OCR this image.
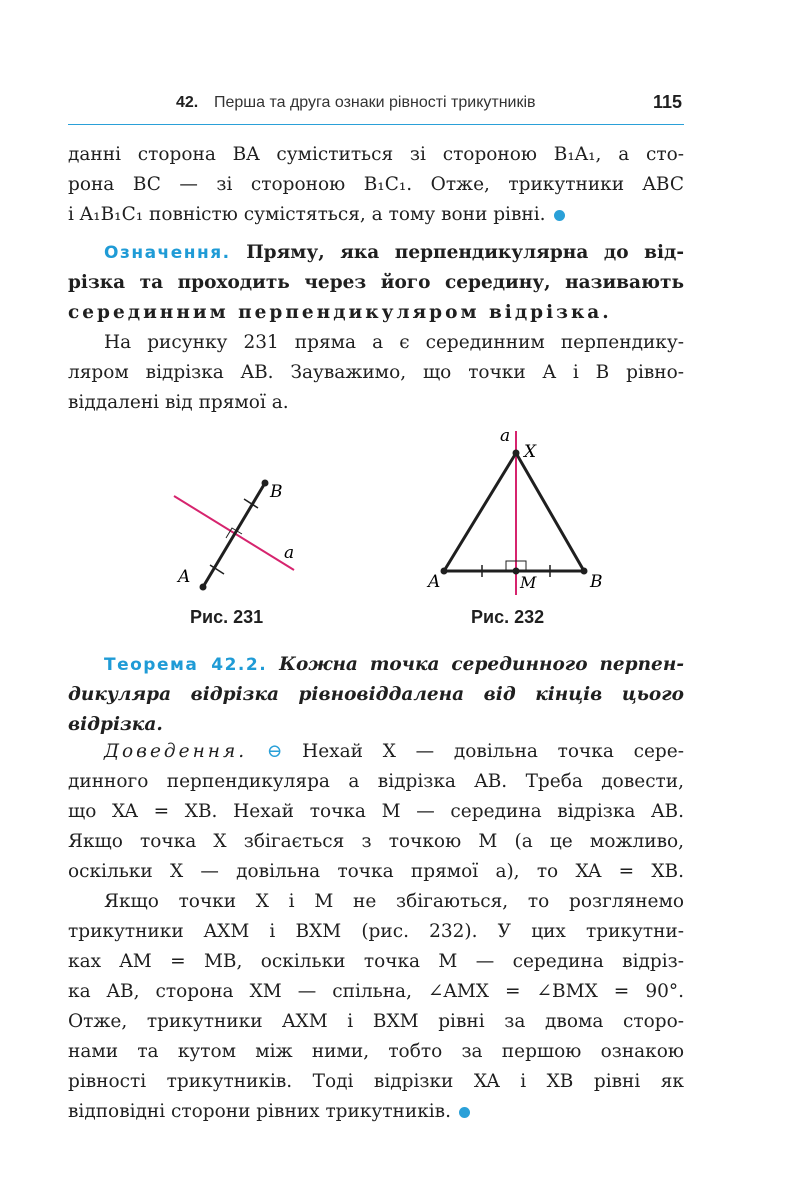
42. Перша та друга ознаки рівності трикутників	115
данні сторона BA суміститься зі стороною B₁A₁, а сто-
рона BC — зі стороною B₁C₁. Отже, трикутники ABC
і A₁B₁C₁ повністю сумістяться, а тому вони рівні.
Означення. Пряму, яка перпендикулярна до від-
різка та проходить через його середину, називають
серединним перпендикуляром відрізка.
На рисунку 231 пряма a є серединним перпендику-
ляром відрізка AB. Зауважимо, що точки A і B рівно-
віддалені від прямої a.
A
B
a
Рис. 231
A	B
X
M
a
Рис. 232
Теорема 42.2. Кожна точка серединного перпен-
дикуляра відрізка рівновіддалена від кінців цього
відрізка.
Доведення. ⊖ Нехай X — довільна точка сере-
динного перпендикуляра a відрізка AB. Треба довести,
що XA = XB. Нехай точка M — середина відрізка AB.
Якщо точка X збігається з точкою M (а це можливо,
оскільки X — довільна точка прямої a), то XA = XB.
Якщо точки X і M не збігаються, то розглянемо
трикутники AXM і BXM (рис. 232). У цих трикутни-
ках AM = MB, оскільки точка M — середина відріз-
ка AB, сторона XM — спільна, ∠AMX = ∠BMX = 90°.
Отже, трикутники AXM і BXM рівні за двома сторо-
нами та кутом між ними, тобто за першою ознакою
рівності трикутників. Тоді відрізки XA і XB рівні як
відповідні сторони рівних трикутників.
